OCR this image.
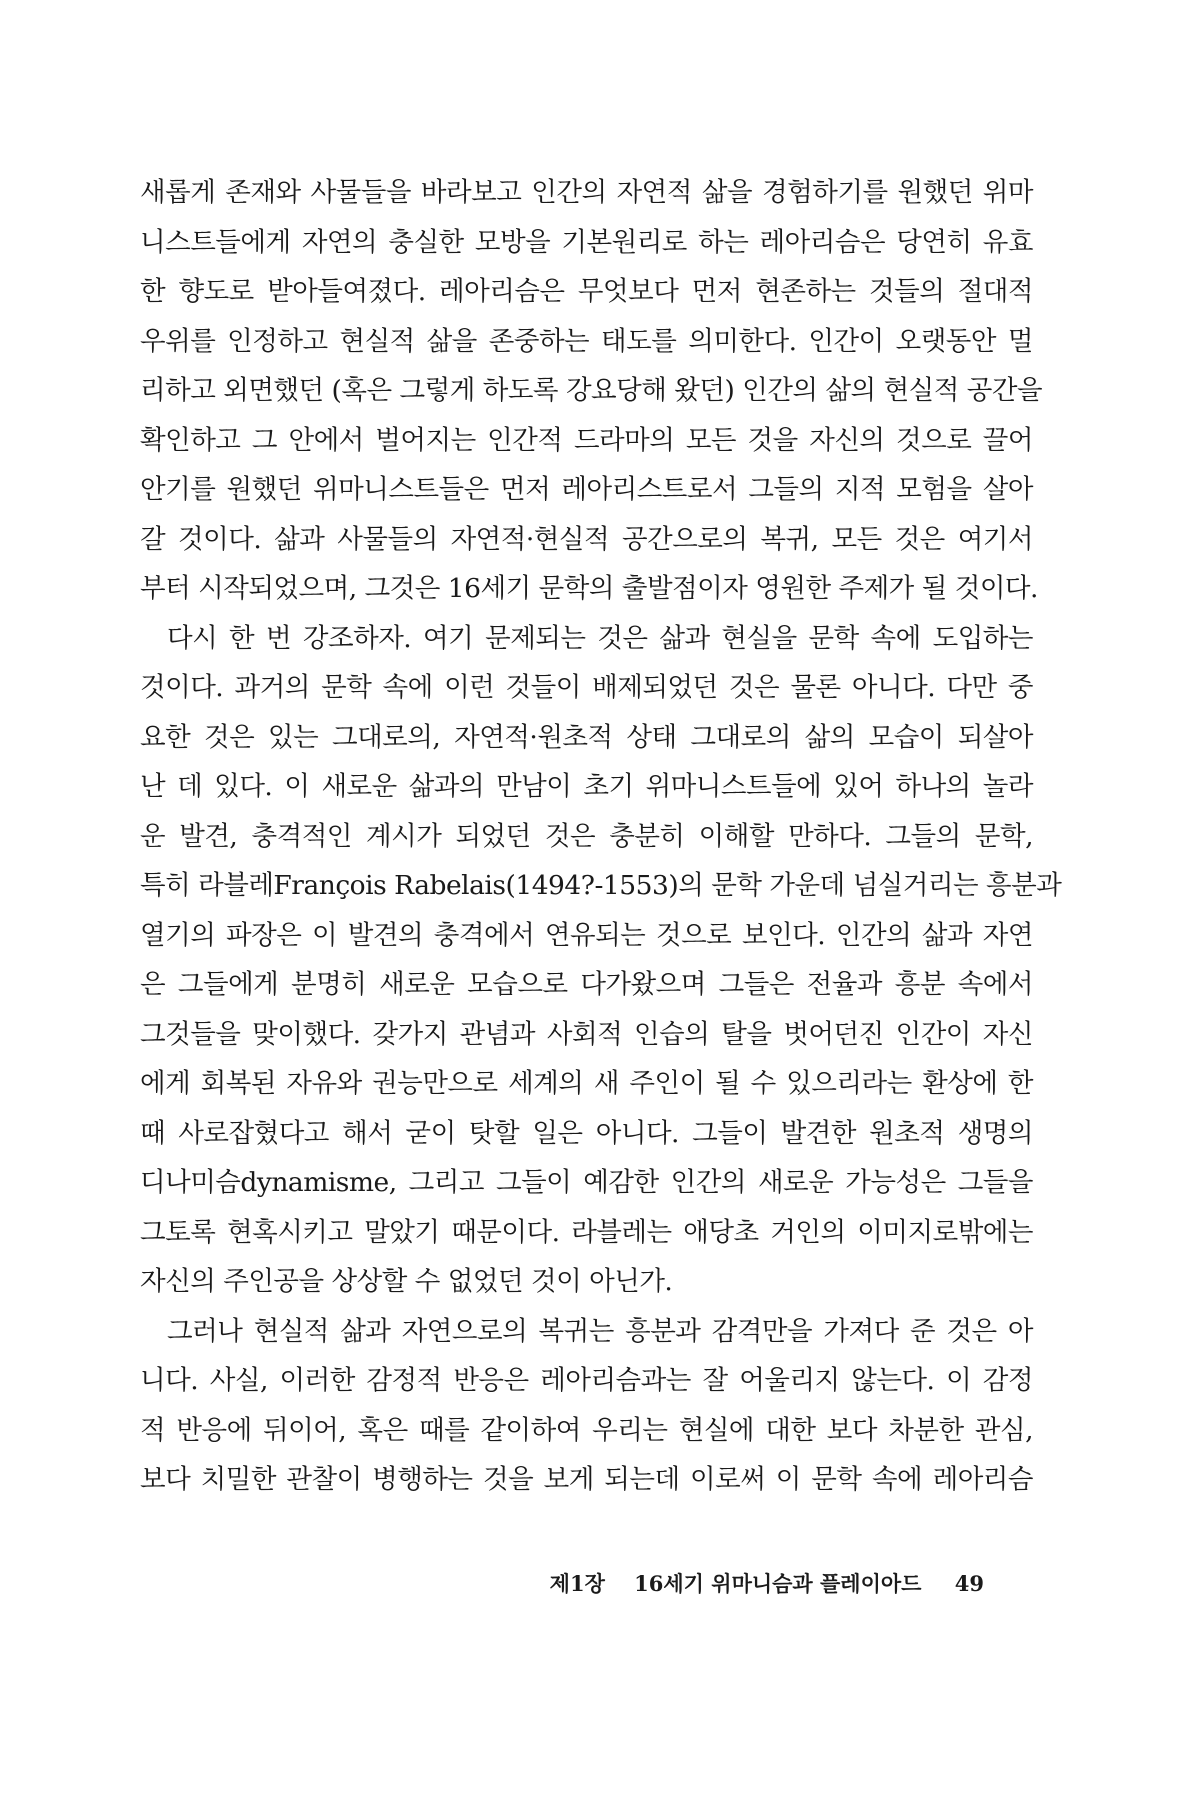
새롭게 존재와 사물들을 바라보고 인간의 자연적 삶을 경험하기를 원했던 위마
니스트들에게 자연의 충실한 모방을 기본원리로 하는 레아리슴은 당연히 유효
한 향도로 받아들여졌다. 레아리슴은 무엇보다 먼저 현존하는 것들의 절대적
우위를 인정하고 현실적 삶을 존중하는 태도를 의미한다. 인간이 오랫동안 멀
리하고 외면했던 (혹은 그렇게 하도록 강요당해 왔던) 인간의 삶의 현실적 공간을
확인하고 그 안에서 벌어지는 인간적 드라마의 모든 것을 자신의 것으로 끌어
안기를 원했던 위마니스트들은 먼저 레아리스트로서 그들의 지적 모험을 살아
갈 것이다. 삶과 사물들의 자연적·현실적 공간으로의 복귀, 모든 것은 여기서
부터 시작되었으며, 그것은 16세기 문학의 출발점이자 영원한 주제가 될 것이다.
다시 한 번 강조하자. 여기 문제되는 것은 삶과 현실을 문학 속에 도입하는
것이다. 과거의 문학 속에 이런 것들이 배제되었던 것은 물론 아니다. 다만 중
요한 것은 있는 그대로의, 자연적·원초적 상태 그대로의 삶의 모습이 되살아
난 데 있다. 이 새로운 삶과의 만남이 초기 위마니스트들에 있어 하나의 놀라
운 발견, 충격적인 계시가 되었던 것은 충분히 이해할 만하다. 그들의 문학,
특히 라블레François Rabelais(1494?-1553)의 문학 가운데 넘실거리는 흥분과
열기의 파장은 이 발견의 충격에서 연유되는 것으로 보인다. 인간의 삶과 자연
은 그들에게 분명히 새로운 모습으로 다가왔으며 그들은 전율과 흥분 속에서
그것들을 맞이했다. 갖가지 관념과 사회적 인습의 탈을 벗어던진 인간이 자신
에게 회복된 자유와 권능만으로 세계의 새 주인이 될 수 있으리라는 환상에 한
때 사로잡혔다고 해서 굳이 탓할 일은 아니다. 그들이 발견한 원초적 생명의
디나미슴dynamisme, 그리고 그들이 예감한 인간의 새로운 가능성은 그들을
그토록 현혹시키고 말았기 때문이다. 라블레는 애당초 거인의 이미지로밖에는
자신의 주인공을 상상할 수 없었던 것이 아닌가.
그러나 현실적 삶과 자연으로의 복귀는 흥분과 감격만을 가져다 준 것은 아
니다. 사실, 이러한 감정적 반응은 레아리슴과는 잘 어울리지 않는다. 이 감정
적 반응에 뒤이어, 혹은 때를 같이하여 우리는 현실에 대한 보다 차분한 관심,
보다 치밀한 관찰이 병행하는 것을 보게 되는데 이로써 이 문학 속에 레아리슴
제1장 16세기 위마니슴과 플레이아드 49
